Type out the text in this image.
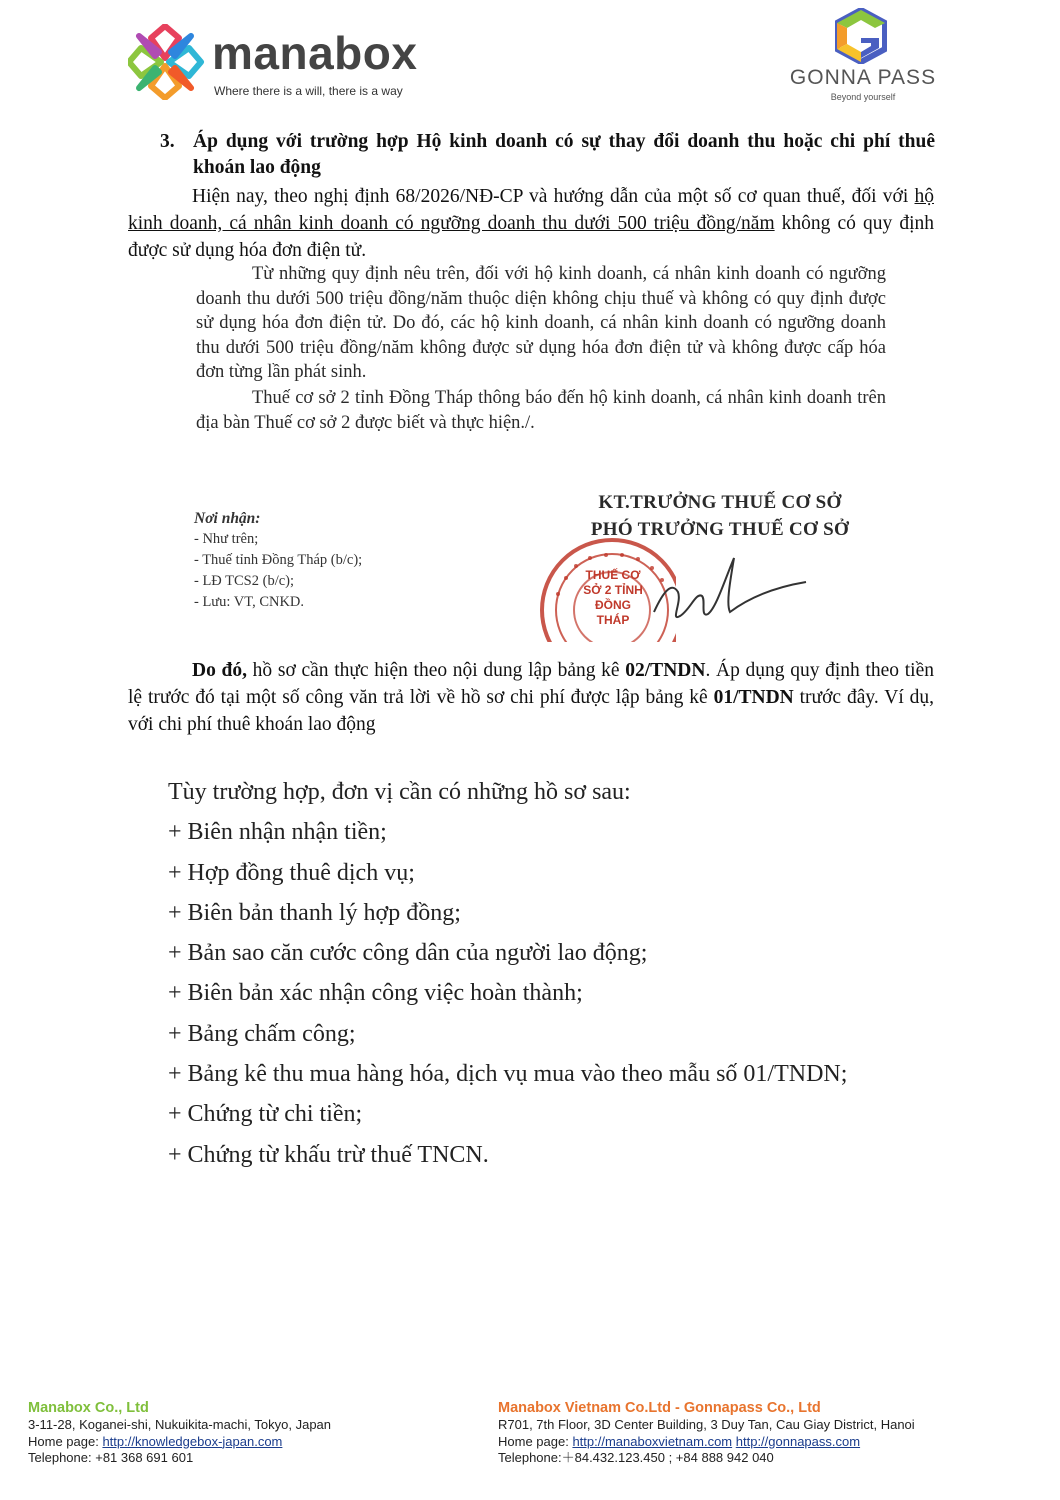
manabox
Where there is a will, there is a way
GONNA PASS
Beyond yourself
3. Áp dụng với trường hợp Hộ kinh doanh có sự thay đổi doanh thu hoặc chi phí thuê khoán lao động
Hiện nay, theo nghị định 68/2026/NĐ-CP và hướng dẫn của một số cơ quan thuế, đối với hộ kinh doanh, cá nhân kinh doanh có ngưỡng doanh thu dưới 500 triệu đồng/năm không có quy định được sử dụng hóa đơn điện tử.
Từ những quy định nêu trên, đối với hộ kinh doanh, cá nhân kinh doanh có ngưỡng doanh thu dưới 500 triệu đồng/năm thuộc diện không chịu thuế và không có quy định được sử dụng hóa đơn điện tử. Do đó, các hộ kinh doanh, cá nhân kinh doanh có ngưỡng doanh thu dưới 500 triệu đồng/năm không được sử dụng hóa đơn điện tử và không được cấp hóa đơn từng lần phát sinh.
Thuế cơ sở 2 tỉnh Đồng Tháp thông báo đến hộ kinh doanh, cá nhân kinh doanh trên địa bàn Thuế cơ sở 2 được biết và thực hiện./.
Nơi nhận:
- Như trên;
- Thuế tỉnh Đồng Tháp (b/c);
- LĐ TCS2 (b/c);
- Lưu: VT, CNKD.
KT.TRƯỞNG THUẾ CƠ SỞ
PHÓ TRƯỞNG THUẾ CƠ SỞ
THUẾ CƠ SỞ 2 TỈNH ĐỒNG THÁP
Do đó, hồ sơ cần thực hiện theo nội dung lập bảng kê 02/TNDN. Áp dụng quy định theo tiền lệ trước đó tại một số công văn trả lời về hồ sơ chi phí được lập bảng kê 01/TNDN trước đây. Ví dụ, với chi phí thuê khoán lao động
Tùy trường hợp, đơn vị cần có những hồ sơ sau:
+ Biên nhận nhận tiền;
+ Hợp đồng thuê dịch vụ;
+ Biên bản thanh lý hợp đồng;
+ Bản sao căn cước công dân của người lao động;
+ Biên bản xác nhận công việc hoàn thành;
+ Bảng chấm công;
+ Bảng kê thu mua hàng hóa, dịch vụ mua vào theo mẫu số 01/TNDN;
+ Chứng từ chi tiền;
+ Chứng từ khấu trừ thuế TNCN.
Manabox Co., Ltd
3-11-28, Koganei-shi, Nukuikita-machi, Tokyo, Japan
Home page: http://knowledgebox-japan.com
Telephone: +81 368 691 601
Manabox Vietnam Co.Ltd - Gonnapass Co., Ltd
R701, 7th Floor, 3D Center Building, 3 Duy Tan, Cau Giay District, Hanoi
Home page: http://manaboxvietnam.com http://gonnapass.com
Telephone:＋84.432.123.450 ; +84 888 942 040
